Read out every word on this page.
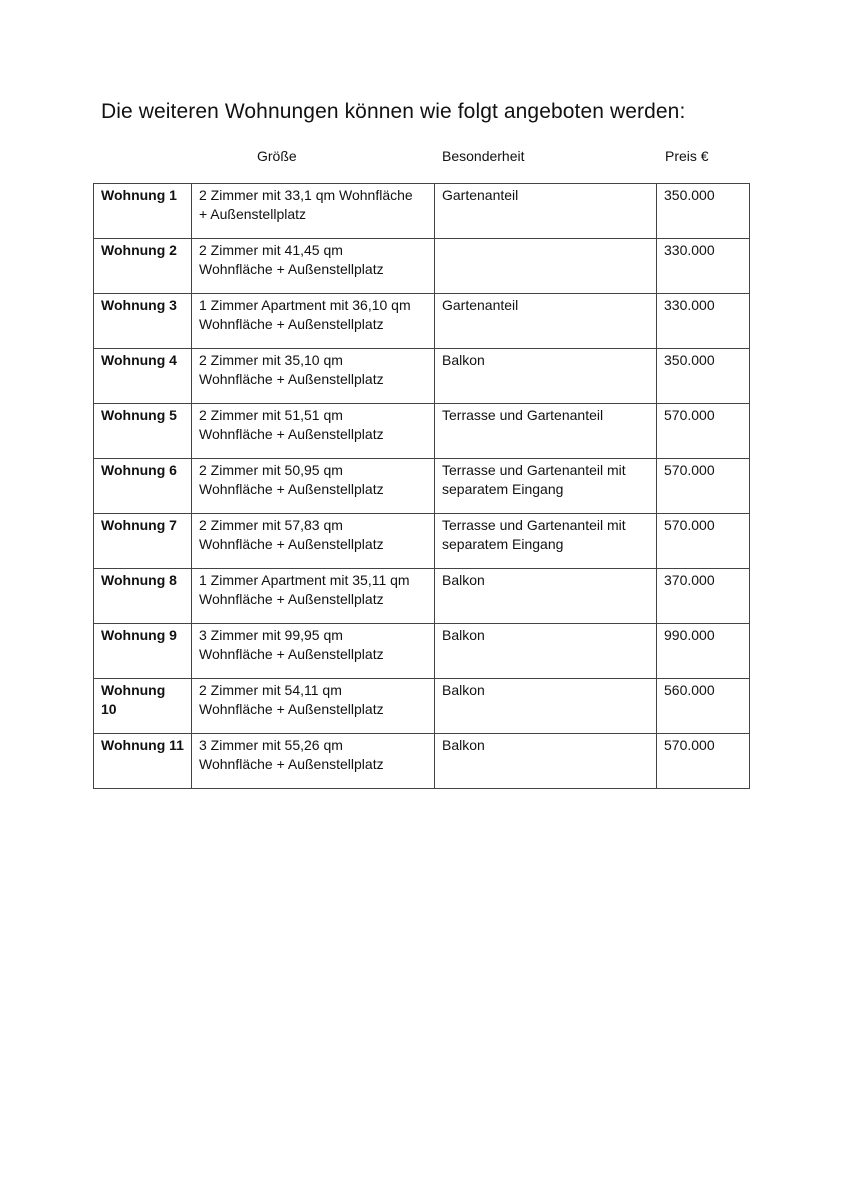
Die weiteren Wohnungen können wie folgt angeboten werden:
Größe	Besonderheit	Preis €
Wohnung 1	2 Zimmer mit 33,1 qm Wohnfläche
+ Außenstellplatz	Gartenanteil	350.000
Wohnung 2	2 Zimmer mit 41,45 qm
Wohnfläche + Außenstellplatz		330.000
Wohnung 3	1 Zimmer Apartment mit 36,10 qm
Wohnfläche + Außenstellplatz	Gartenanteil	330.000
Wohnung 4	2 Zimmer mit 35,10 qm
Wohnfläche + Außenstellplatz	Balkon	350.000
Wohnung 5	2 Zimmer mit 51,51 qm
Wohnfläche + Außenstellplatz	Terrasse und Gartenanteil	570.000
Wohnung 6	2 Zimmer mit 50,95 qm
Wohnfläche + Außenstellplatz	Terrasse und Gartenanteil mit separatem Eingang	570.000
Wohnung 7	2 Zimmer mit 57,83 qm
Wohnfläche + Außenstellplatz	Terrasse und Gartenanteil mit separatem Eingang	570.000
Wohnung 8	1 Zimmer Apartment mit 35,11 qm
Wohnfläche + Außenstellplatz	Balkon	370.000
Wohnung 9	3 Zimmer mit 99,95 qm
Wohnfläche + Außenstellplatz	Balkon	990.000
Wohnung 10	2 Zimmer mit 54,11 qm
Wohnfläche + Außenstellplatz	Balkon	560.000
Wohnung 11	3 Zimmer mit 55,26 qm
Wohnfläche + Außenstellplatz	Balkon	570.000
